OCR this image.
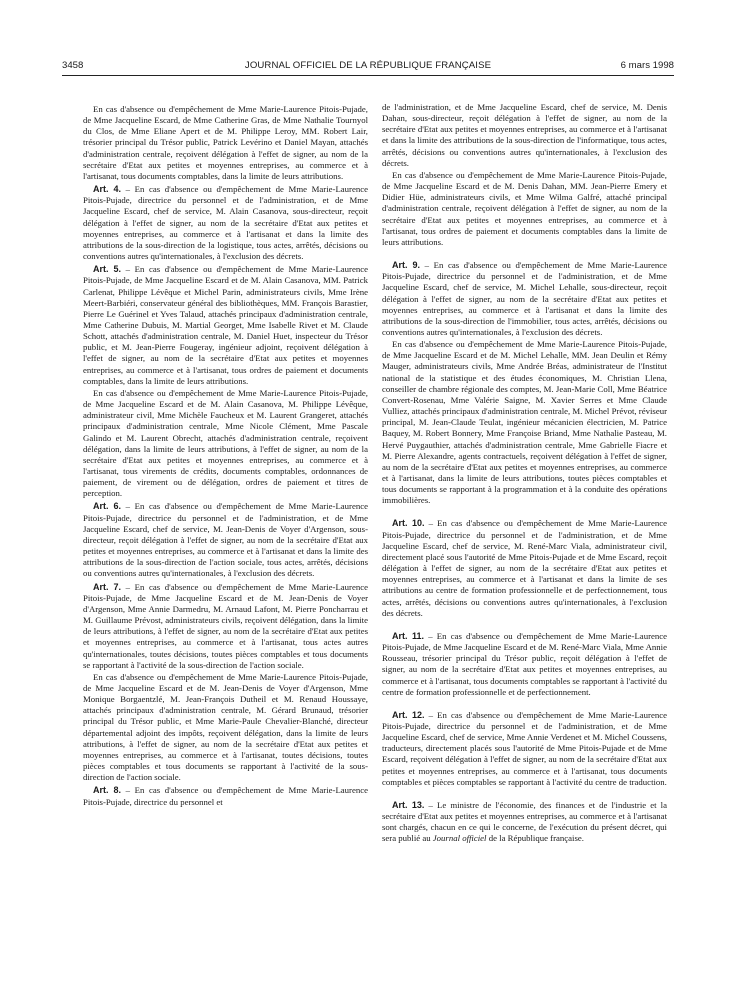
3458	JOURNAL OFFICIEL DE LA RÉPUBLIQUE FRANÇAISE	6 mars 1998

En cas d'absence ou d'empêchement de Mme Marie-Laurence Pitois-Pujade, de Mme Jacqueline Escard, de Mme Catherine Gras, de Mme Nathalie Tournyol du Clos, de Mme Eliane Apert et de M. Philippe Leroy, MM. Robert Lair, trésorier principal du Trésor public, Patrick Levérino et Daniel Mayan, attachés d'administration centrale, reçoivent délégation à l'effet de signer, au nom de la secrétaire d'Etat aux petites et moyennes entreprises, au commerce et à l'artisanat, tous documents comptables, dans la limite de leurs attributions.

Art. 4. – En cas d'absence ou d'empêchement de Mme Marie-Laurence Pitois-Pujade, directrice du personnel et de l'administration, et de Mme Jacqueline Escard, chef de service, M. Alain Casanova, sous-directeur, reçoit délégation à l'effet de signer, au nom de la secrétaire d'Etat aux petites et moyennes entreprises, au commerce et à l'artisanat et dans la limite des attributions de la sous-direction de la logistique, tous actes, arrêtés, décisions ou conventions autres qu'internationales, à l'exclusion des décrets.

Art. 5. – En cas d'absence ou d'empêchement de Mme Marie-Laurence Pitois-Pujade, de Mme Jacqueline Escard et de M. Alain Casanova, MM. Patrick Carlenat, Philippe Lévêque et Michel Parin, administrateurs civils, Mme Irène Meert-Barbiéri, conservateur général des bibliothèques, MM. François Barastier, Pierre Le Guérinel et Yves Talaud, attachés principaux d'administration centrale, Mme Catherine Dubuis, M. Martial Georget, Mme Isabelle Rivet et M. Claude Schott, attachés d'administration centrale, M. Daniel Huet, inspecteur du Trésor public, et M. Jean-Pierre Fougeray, ingénieur adjoint, reçoivent délégation à l'effet de signer, au nom de la secrétaire d'Etat aux petites et moyennes entreprises, au commerce et à l'artisanat, tous ordres de paiement et documents comptables, dans la limite de leurs attributions.

En cas d'absence ou d'empêchement de Mme Marie-Laurence Pitois-Pujade, de Mme Jacqueline Escard et de M. Alain Casanova, M. Philippe Lévêque, administrateur civil, Mme Michèle Faucheux et M. Laurent Grangeret, attachés principaux d'administration centrale, Mme Nicole Clément, Mme Pascale Galindo et M. Laurent Obrecht, attachés d'administration centrale, reçoivent délégation, dans la limite de leurs attributions, à l'effet de signer, au nom de la secrétaire d'Etat aux petites et moyennes entreprises, au commerce et à l'artisanat, tous virements de crédits, documents comptables, ordonnances de paiement, de virement ou de délégation, ordres de paiement et titres de perception.

Art. 6. – En cas d'absence ou d'empêchement de Mme Marie-Laurence Pitois-Pujade, directrice du personnel et de l'administration, et de Mme Jacqueline Escard, chef de service, M. Jean-Denis de Voyer d'Argenson, sous-directeur, reçoit délégation à l'effet de signer, au nom de la secrétaire d'Etat aux petites et moyennes entreprises, au commerce et à l'artisanat et dans la limite des attributions de la sous-direction de l'action sociale, tous actes, arrêtés, décisions ou conventions autres qu'internationales, à l'exclusion des décrets.

Art. 7. – En cas d'absence ou d'empêchement de Mme Marie-Laurence Pitois-Pujade, de Mme Jacqueline Escard et de M. Jean-Denis de Voyer d'Argenson, Mme Annie Darmedru, M. Arnaud Lafont, M. Pierre Poncharrau et M. Guillaume Prévost, administrateurs civils, reçoivent délégation, dans la limite de leurs attributions, à l'effet de signer, au nom de la secrétaire d'Etat aux petites et moyennes entreprises, au commerce et à l'artisanat, tous actes autres qu'internationales, toutes décisions, toutes pièces comptables et tous documents se rapportant à l'activité de la sous-direction de l'action sociale.

En cas d'absence ou d'empêchement de Mme Marie-Laurence Pitois-Pujade, de Mme Jacqueline Escard et de M. Jean-Denis de Voyer d'Argenson, Mme Monique Borgaentzlé, M. Jean-François Dutheil et M. Renaud Houssaye, attachés principaux d'administration centrale, M. Gérard Brunaud, trésorier principal du Trésor public, et Mme Marie-Paule Chevalier-Blanché, directeur départemental adjoint des impôts, reçoivent délégation, dans la limite de leurs attributions, à l'effet de signer, au nom de la secrétaire d'Etat aux petites et moyennes entreprises, au commerce et à l'artisanat, toutes décisions, toutes pièces comptables et tous documents se rapportant à l'activité de la sous-direction de l'action sociale.

Art. 8. – En cas d'absence ou d'empêchement de Mme Marie-Laurence Pitois-Pujade, directrice du personnel et

de l'administration, et de Mme Jacqueline Escard, chef de service, M. Denis Dahan, sous-directeur, reçoit délégation à l'effet de signer, au nom de la secrétaire d'Etat aux petites et moyennes entreprises, au commerce et à l'artisanat et dans la limite des attributions de la sous-direction de l'informatique, tous actes, arrêtés, décisions ou conventions autres qu'internationales, à l'exclusion des décrets.

En cas d'absence ou d'empêchement de Mme Marie-Laurence Pitois-Pujade, de Mme Jacqueline Escard et de M. Denis Dahan, MM. Jean-Pierre Emery et Didier Hüe, administrateurs civils, et Mme Wilma Galfré, attaché principal d'administration centrale, reçoivent délégation à l'effet de signer, au nom de la secrétaire d'Etat aux petites et moyennes entreprises, au commerce et à l'artisanat, tous ordres de paiement et documents comptables dans la limite de leurs attributions.

Art. 9. – En cas d'absence ou d'empêchement de Mme Marie-Laurence Pitois-Pujade, directrice du personnel et de l'administration, et de Mme Jacqueline Escard, chef de service, M. Michel Lehalle, sous-directeur, reçoit délégation à l'effet de signer, au nom de la secrétaire d'Etat aux petites et moyennes entreprises, au commerce et à l'artisanat et dans la limite des attributions de la sous-direction de l'immobilier, tous actes, arrêtés, décisions ou conventions autres qu'internationales, à l'exclusion des décrets.

En cas d'absence ou d'empêchement de Mme Marie-Laurence Pitois-Pujade, de Mme Jacqueline Escard et de M. Michel Lehalle, MM. Jean Deulin et Rémy Mauger, administrateurs civils, Mme Andrée Bréas, administrateur de l'Institut national de la statistique et des études économiques, M. Christian Llena, conseiller de chambre régionale des comptes, M. Jean-Marie Coll, Mme Béatrice Convert-Rosenau, Mme Valérie Saigne, M. Xavier Serres et Mme Claude Vulliez, attachés principaux d'administration centrale, M. Michel Prévot, réviseur principal, M. Jean-Claude Teulat, ingénieur mécanicien électricien, M. Patrice Baquey, M. Robert Bonnery, Mme Françoise Briand, Mme Nathalie Pasteau, M. Hervé Puygauthier, attachés d'administration centrale, Mme Gabrielle Fiacre et M. Pierre Alexandre, agents contractuels, reçoivent délégation à l'effet de signer, au nom de la secrétaire d'Etat aux petites et moyennes entreprises, au commerce et à l'artisanat, dans la limite de leurs attributions, toutes pièces comptables et tous documents se rapportant à la programmation et à la conduite des opérations immobilières.

Art. 10. – En cas d'absence ou d'empêchement de Mme Marie-Laurence Pitois-Pujade, directrice du personnel et de l'administration, et de Mme Jacqueline Escard, chef de service, M. René-Marc Viala, administrateur civil, directement placé sous l'autorité de Mme Pitois-Pujade et de Mme Escard, reçoit délégation à l'effet de signer, au nom de la secrétaire d'Etat aux petites et moyennes entreprises, au commerce et à l'artisanat et dans la limite de ses attributions au centre de formation professionnelle et de perfectionnement, tous actes, arrêtés, décisions ou conventions autres qu'internationales, à l'exclusion des décrets.

Art. 11. – En cas d'absence ou d'empêchement de Mme Marie-Laurence Pitois-Pujade, de Mme Jacqueline Escard et de M. René-Marc Viala, Mme Annie Rousseau, trésorier principal du Trésor public, reçoit délégation à l'effet de signer, au nom de la secrétaire d'Etat aux petites et moyennes entreprises, au commerce et à l'artisanat, tous documents comptables se rapportant à l'activité du centre de formation professionnelle et de perfectionnement.

Art. 12. – En cas d'absence ou d'empêchement de Mme Marie-Laurence Pitois-Pujade, directrice du personnel et de l'administration, et de Mme Jacqueline Escard, chef de service, Mme Annie Verdenet et M. Michel Coussens, traducteurs, directement placés sous l'autorité de Mme Pitois-Pujade et de Mme Escard, reçoivent délégation à l'effet de signer, au nom de la secrétaire d'Etat aux petites et moyennes entreprises, au commerce et à l'artisanat, tous documents comptables et pièces comptables se rapportant à l'activité du centre de traduction.

Art. 13. – Le ministre de l'économie, des finances et de l'industrie et la secrétaire d'Etat aux petites et moyennes entreprises, au commerce et à l'artisanat sont chargés, chacun en ce qui le concerne, de l'exécution du présent décret, qui sera publié au Journal officiel de la République française.
